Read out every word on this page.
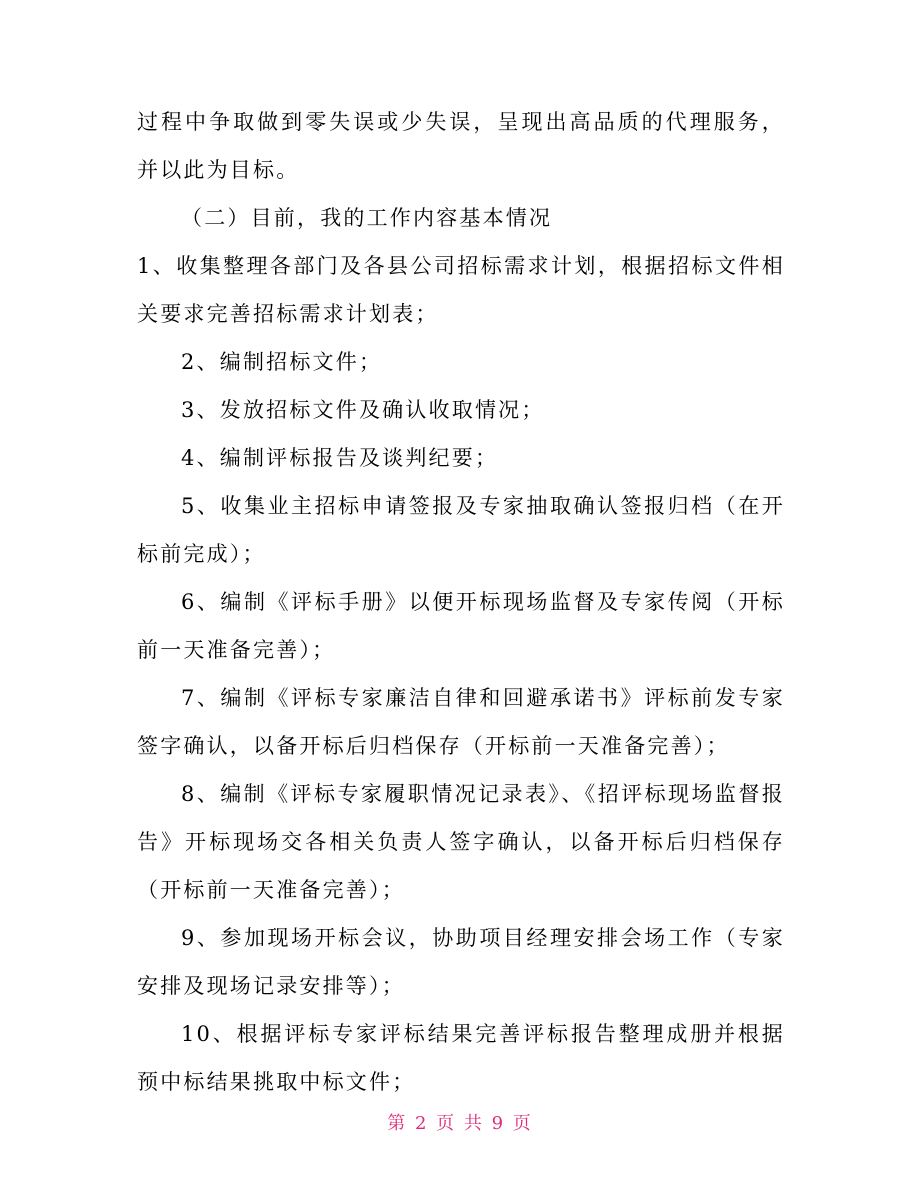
过程中争取做到零失误或少失误，呈现出高品质的代理服务，并以此为目标。

（二）目前，我的工作内容基本情况

1、收集整理各部门及各县公司招标需求计划，根据招标文件相关要求完善招标需求计划表；

2、编制招标文件；

3、发放招标文件及确认收取情况；

4、编制评标报告及谈判纪要；

5、收集业主招标申请签报及专家抽取确认签报归档（在开标前完成）；

6、编制《评标手册》以便开标现场监督及专家传阅（开标前一天准备完善）；

7、编制《评标专家廉洁自律和回避承诺书》评标前发专家签字确认，以备开标后归档保存（开标前一天准备完善）；

8、编制《评标专家履职情况记录表》、《招评标现场监督报告》开标现场交各相关负责人签字确认，以备开标后归档保存（开标前一天准备完善）；

9、参加现场开标会议，协助项目经理安排会场工作（专家安排及现场记录安排等）；

10、根据评标专家评标结果完善评标报告整理成册并根据预中标结果挑取中标文件；

第 2 页 共 9 页
